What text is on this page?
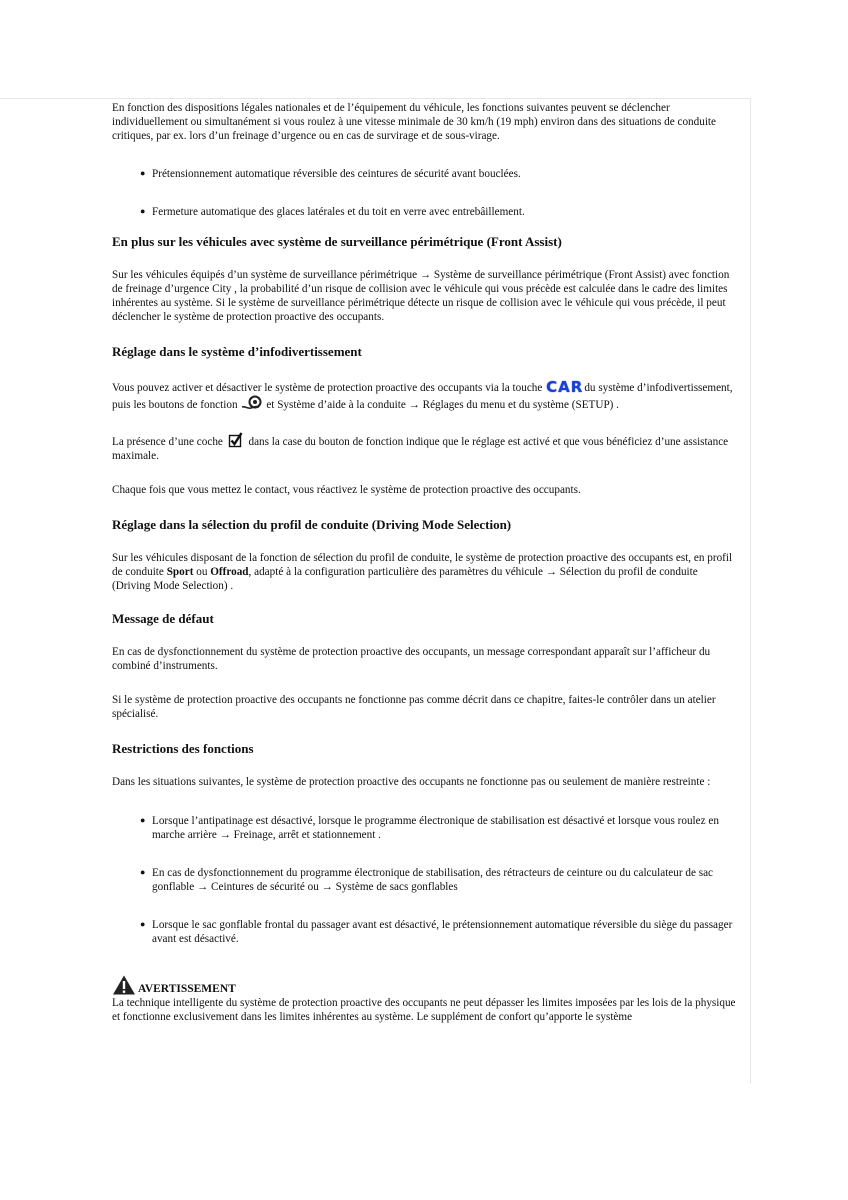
En fonction des dispositions légales nationales et de l’équipement du véhicule, les fonctions suivantes peuvent se déclencher individuellement ou simultanément si vous roulez à une vitesse minimale de 30 km/h (19 mph) environ dans des situations de conduite critiques, par ex. lors d’un freinage d’urgence ou en cas de survirage et de sous-virage.

● Prétensionnement automatique réversible des ceintures de sécurité avant bouclées.
● Fermeture automatique des glaces latérales et du toit en verre avec entrebâillement.
En plus sur les véhicules avec système de surveillance périmétrique (Front Assist)

Sur les véhicules équipés d’un système de surveillance périmétrique → Système de surveillance périmétrique (Front Assist) avec fonction de freinage d’urgence City , la probabilité d’un risque de collision avec le véhicule qui vous précède est calculée dans le cadre des limites inhérentes au système. Si le système de surveillance périmétrique détecte un risque de collision avec le véhicule qui vous précède, il peut déclencher le système de protection proactive des occupants.

Réglage dans le système d’infodivertissement

Vous pouvez activer et désactiver le système de protection proactive des occupants via la touche CARdu système d’infodivertissement, puis les boutons de fonction et Système d’aide à la conduite → Réglages du menu et du système (SETUP) .

La présence d’une coche  dans la case du bouton de fonction indique que le réglage est activé et que vous bénéficiez d’une assistance maximale.

Chaque fois que vous mettez le contact, vous réactivez le système de protection proactive des occupants.

Réglage dans la sélection du profil de conduite (Driving Mode Selection)

Sur les véhicules disposant de la fonction de sélection du profil de conduite, le système de protection proactive des occupants est, en profil de conduite Sport ou Offroad, adapté à la configuration particulière des paramètres du véhicule → Sélection du profil de conduite (Driving Mode Selection) .

Message de défaut

En cas de dysfonctionnement du système de protection proactive des occupants, un message correspondant apparaît sur l’afficheur du combiné d’instruments.

Si le système de protection proactive des occupants ne fonctionne pas comme décrit dans ce chapitre, faites-le contrôler dans un atelier spécialisé.

Restrictions des fonctions

Dans les situations suivantes, le système de protection proactive des occupants ne fonctionne pas ou seulement de manière restreinte :

● Lorsque l’antipatinage est désactivé, lorsque le programme électronique de stabilisation est désactivé et lorsque vous roulez en marche arrière → Freinage, arrêt et stationnement .
● En cas de dysfonctionnement du programme électronique de stabilisation, des rétracteurs de ceinture ou du calculateur de sac gonflable → Ceintures de sécurité ou → Système de sacs gonflables
● Lorsque le sac gonflable frontal du passager avant est désactivé, le prétensionnement automatique réversible du siège du passager avant est désactivé.
AVERTISSEMENT

La technique intelligente du système de protection proactive des occupants ne peut dépasser les limites imposées par les lois de la physique et fonctionne exclusivement dans les limites inhérentes au système. Le supplément de confort qu’apporte le système
